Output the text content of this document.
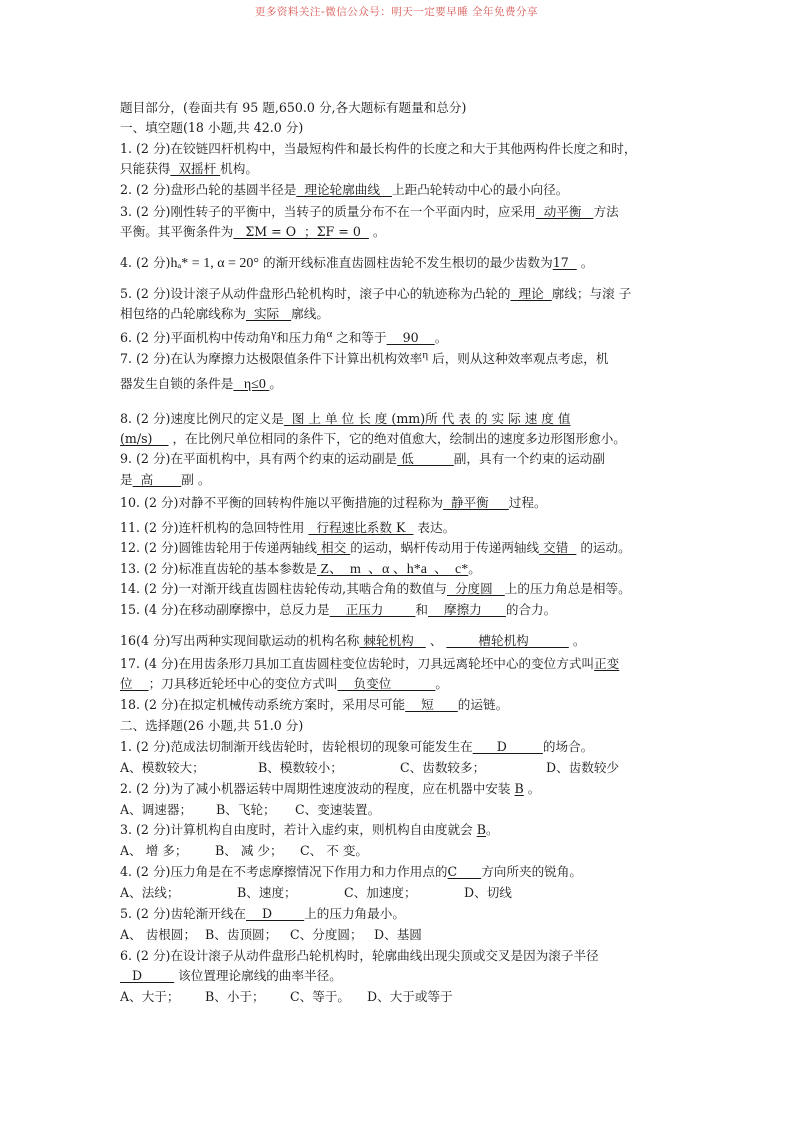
更多资料关注-微信公众号：明天一定要早睡 全年免费分享
题目部分，(卷面共有 95 题,650.0 分,各大题标有题量和总分)
一、填空题(18 小题,共 42.0 分)
1. (2 分)在铰链四杆机构中，当最短构件和最长构件的长度之和大于其他两构件长度之和时，
只能获得  双摇杆 机构。
2. (2 分)盘形凸轮的基圆半径是  理论轮廓曲线   上距凸轮转动中心的最小向径。
3. (2 分)刚性转子的平衡中，当转子的质量分布不在一个平面内时，应采用  动平衡   方法
平衡。其平衡条件为   ΣM = O  ；ΣF = 0   。
4. (2 分)hₐ* = 1, α = 20° 的渐开线标准直齿圆柱齿轮不发生根切的最少齿数为17   。
5. (2 分)设计滚子从动件盘形凸轮机构时，滚子中心的轨迹称为凸轮的  理论  廓线；与滚 子
相包络的凸轮廓线称为  实际   廓线。
6. (2 分)平面机构中传动角$^\gamma$和压力角$^\alpha$ 之和等于    90    。
7. (2 分)在认为摩擦力达极限值条件下计算出机构效率$^\eta$ 后，则从这种效率观点考虑，机
器发生自锁的条件是   η≤0 。
8. (2 分)速度比例尺的定义是  图 上 单 位 长 度 (mm)所 代 表 的 实 际 速 度 值
(m/s)     ，在比例尺单位相同的条件下，它的绝对值愈大，绘制出的速度多边形图形愈小。
9. (2 分)在平面机构中，具有两个约束的运动副是 低          副，具有一个约束的运动副
是  高       副 。
10. (2 分)对静不平衡的回转构件施以平衡措施的过程称为  静平衡     过程。
11. (2 分)连杆机构的急回特性用   行程速比系数 K   表达。
12. (2 分)圆锥齿轮用于传递两轴线 相交 的运动，蜗杆传动用于传递两轴线 交错   的运动。
13. (2 分)标准直齿轮的基本参数是 Z、  m  、α 、h*a  、  c*。
14. (2 分)一对渐开线直齿圆柱齿轮传动,其啮合角的数值与  分度圆   上的压力角总是相等。
15. (4 分)在移动副摩擦中，总反力是    正压力        和    摩擦力      的合力。
16(4 分)写出两种实现间歇运动的机构名称 棘轮机构    、         槽轮机构           。
17. (4 分)在用齿条形刀具加工直齿圆柱变位齿轮时，刀具远离轮坯中心的变位方式叫正变
位    ；刀具移近轮坯中心的变位方式叫    负变位           。
18. (2 分)在拟定机械传动系统方案时，采用尽可能    短      的运链。
二、选择题(26 小题,共 51.0 分)
1. (2 分)范成法切制渐开线齿轮时，齿轮根切的现象可能发生在      D         的场合。
A、模数较大；	B、模数较小；	C、齿数较多；	D、齿数较少
2. (2 分)为了减小机器运转中周期性速度波动的程度，应在机器中安装 B 。
A、调速器； B、飞轮； C、变速装置。
3. (2 分)计算机构自由度时，若计入虚约束，则机构自由度就会 B。
A、 增 多； B、 减 少； C、 不 变。
4. (2 分)压力角是在不考虑摩擦情况下作用力和力作用点的C      方向所夹的锐角。
A、法线；	B、速度；	C、加速度；	D、切线
5. (2 分)齿轮渐开线在    D        上的压力角最小。
A、 齿根圆； B、齿顶圆； C、分度圆； D、基圆
6. (2 分)在设计滚子从动件盘形凸轮机构时，轮廓曲线出现尖顶或交叉是因为滚子半径
D         该位置理论廓线的曲率半径。
A、大于； B、小于； C、等于。 D、大于或等于
